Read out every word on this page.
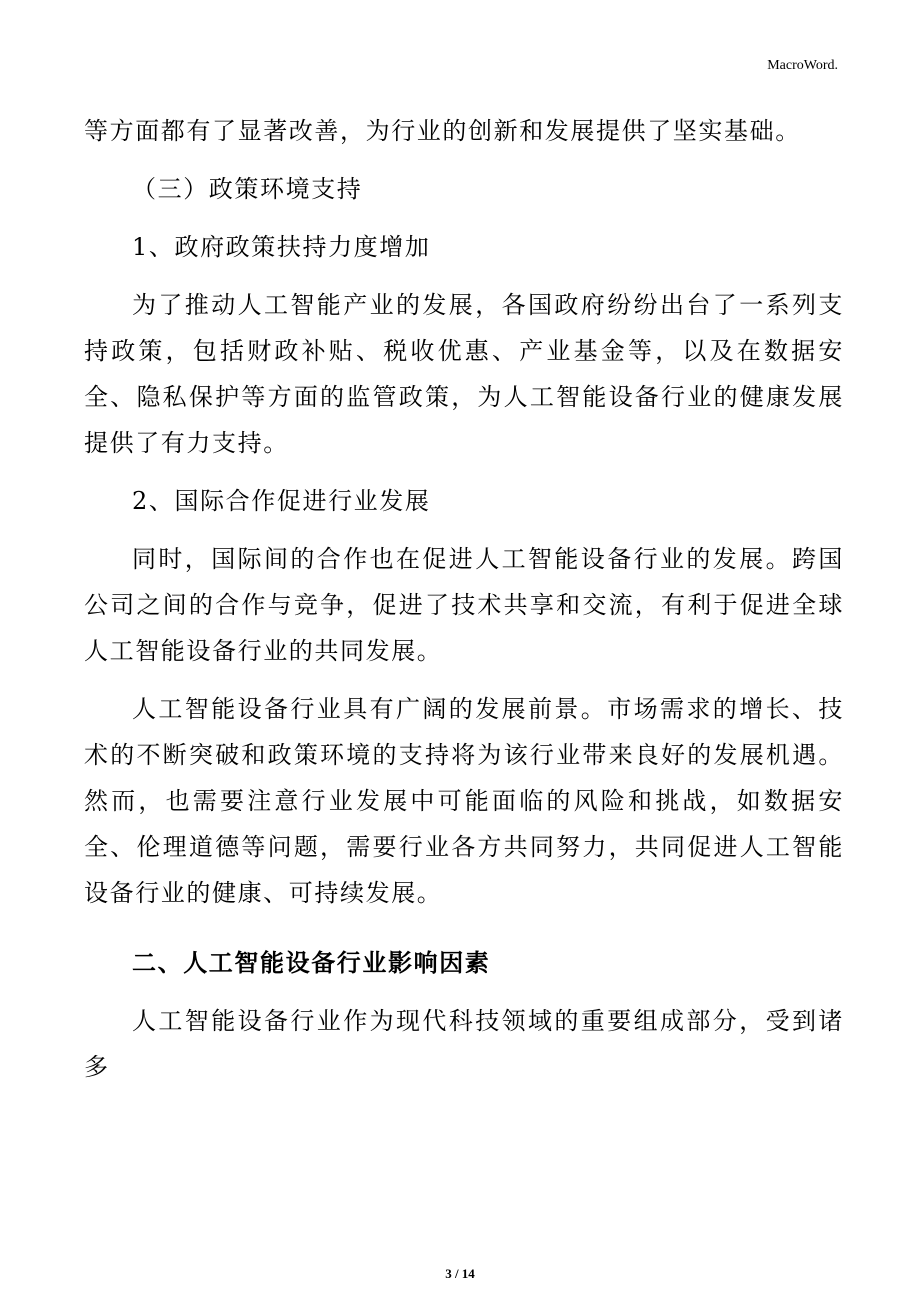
MacroWord.

等方面都有了显著改善，为行业的创新和发展提供了坚实基础。

（三）政策环境支持

1、政府政策扶持力度增加

为了推动人工智能产业的发展，各国政府纷纷出台了一系列支持政策，包括财政补贴、税收优惠、产业基金等，以及在数据安全、隐私保护等方面的监管政策，为人工智能设备行业的健康发展提供了有力支持。

2、国际合作促进行业发展

同时，国际间的合作也在促进人工智能设备行业的发展。跨国公司之间的合作与竞争，促进了技术共享和交流，有利于促进全球人工智能设备行业的共同发展。

人工智能设备行业具有广阔的发展前景。市场需求的增长、技术的不断突破和政策环境的支持将为该行业带来良好的发展机遇。然而，也需要注意行业发展中可能面临的风险和挑战，如数据安全、伦理道德等问题，需要行业各方共同努力，共同促进人工智能设备行业的健康、可持续发展。

二、人工智能设备行业影响因素

人工智能设备行业作为现代科技领域的重要组成部分，受到诸多

3 / 14
